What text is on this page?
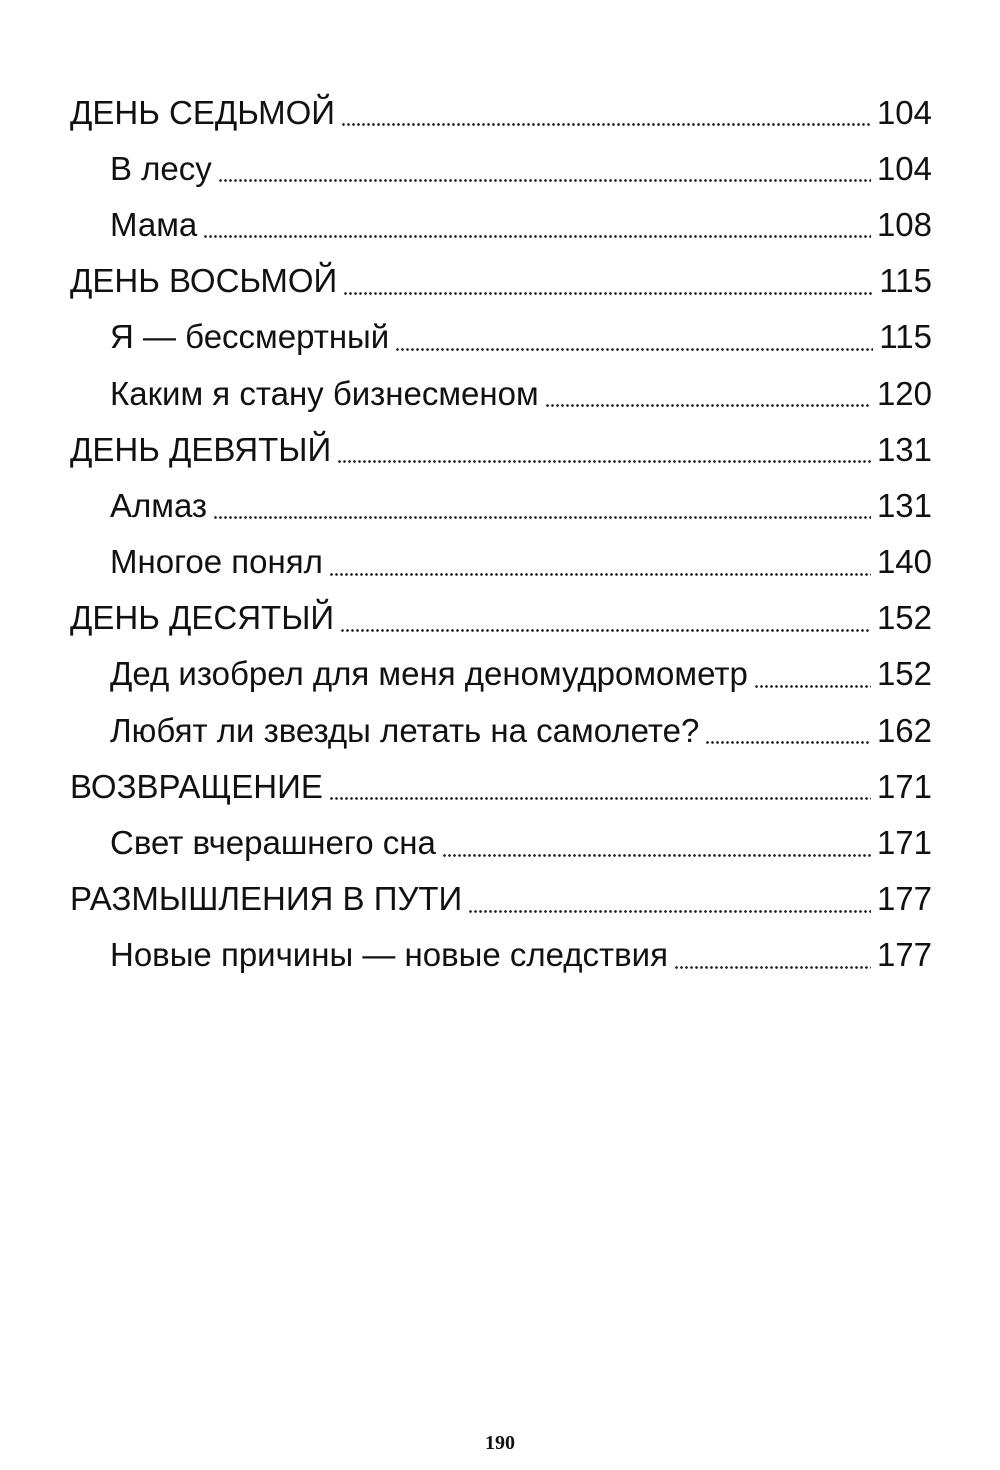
ДЕНЬ СЕДЬМОЙ	104
В лесу	104
Мама	108
ДЕНЬ ВОСЬМОЙ	115
Я — бессмертный	115
Каким я стану бизнесменом	120
ДЕНЬ ДЕВЯТЫЙ	131
Алмаз	131
Многое понял	140
ДЕНЬ ДЕСЯТЫЙ	152
Дед изобрел для меня деномудромометр	152
Любят ли звезды летать на самолете?	162
ВОЗВРАЩЕНИЕ	171
Свет вчерашнего сна	171
РАЗМЫШЛЕНИЯ В ПУТИ	177
Новые причины — новые следствия	177
190
